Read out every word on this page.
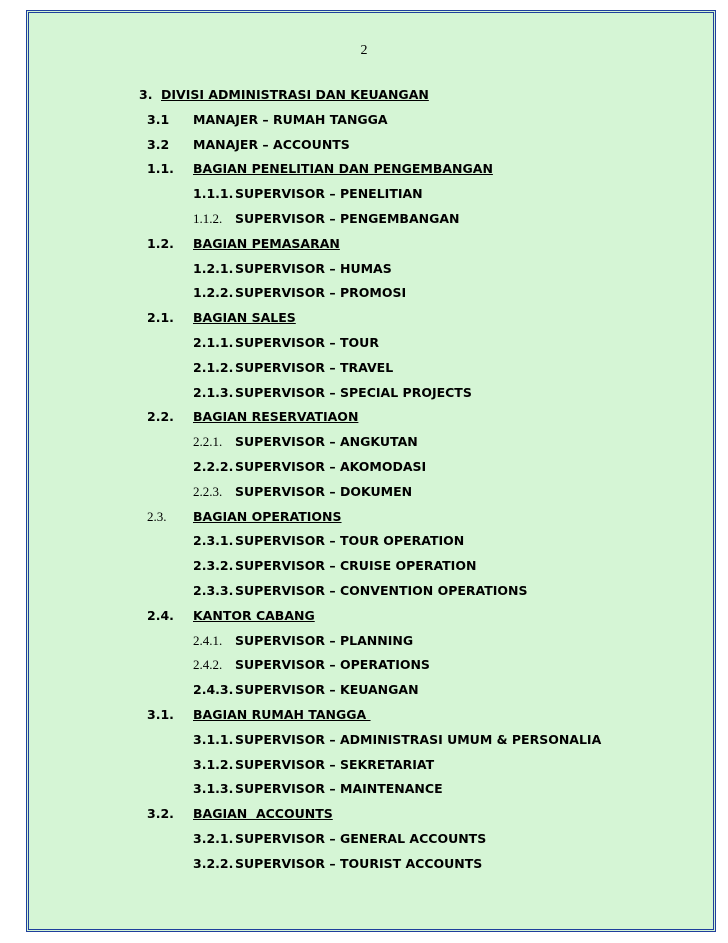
2
3. DIVISI ADMINISTRASI DAN KEUANGAN
3.1 MANAJER – RUMAH TANGGA
3.2 MANAJER – ACCOUNTS
1.1. BAGIAN PENELITIAN DAN PENGEMBANGAN
1.1.1. SUPERVISOR – PENELITIAN
1.1.2. SUPERVISOR – PENGEMBANGAN
1.2. BAGIAN PEMASARAN
1.2.1. SUPERVISOR – HUMAS
1.2.2. SUPERVISOR – PROMOSI
2.1. BAGIAN SALES
2.1.1. SUPERVISOR – TOUR
2.1.2. SUPERVISOR – TRAVEL
2.1.3. SUPERVISOR – SPECIAL PROJECTS
2.2. BAGIAN RESERVATIAON
2.2.1. SUPERVISOR – ANGKUTAN
2.2.2. SUPERVISOR – AKOMODASI
2.2.3. SUPERVISOR – DOKUMEN
2.3. BAGIAN OPERATIONS
2.3.1. SUPERVISOR – TOUR OPERATION
2.3.2. SUPERVISOR – CRUISE OPERATION
2.3.3. SUPERVISOR – CONVENTION OPERATIONS
2.4. KANTOR CABANG
2.4.1. SUPERVISOR – PLANNING
2.4.2. SUPERVISOR – OPERATIONS
2.4.3. SUPERVISOR – KEUANGAN
3.1. BAGIAN RUMAH TANGGA
3.1.1. SUPERVISOR – ADMINISTRASI UMUM & PERSONALIA
3.1.2. SUPERVISOR – SEKRETARIAT
3.1.3. SUPERVISOR – MAINTENANCE
3.2. BAGIAN  ACCOUNTS
3.2.1. SUPERVISOR – GENERAL ACCOUNTS
3.2.2. SUPERVISOR – TOURIST ACCOUNTS
